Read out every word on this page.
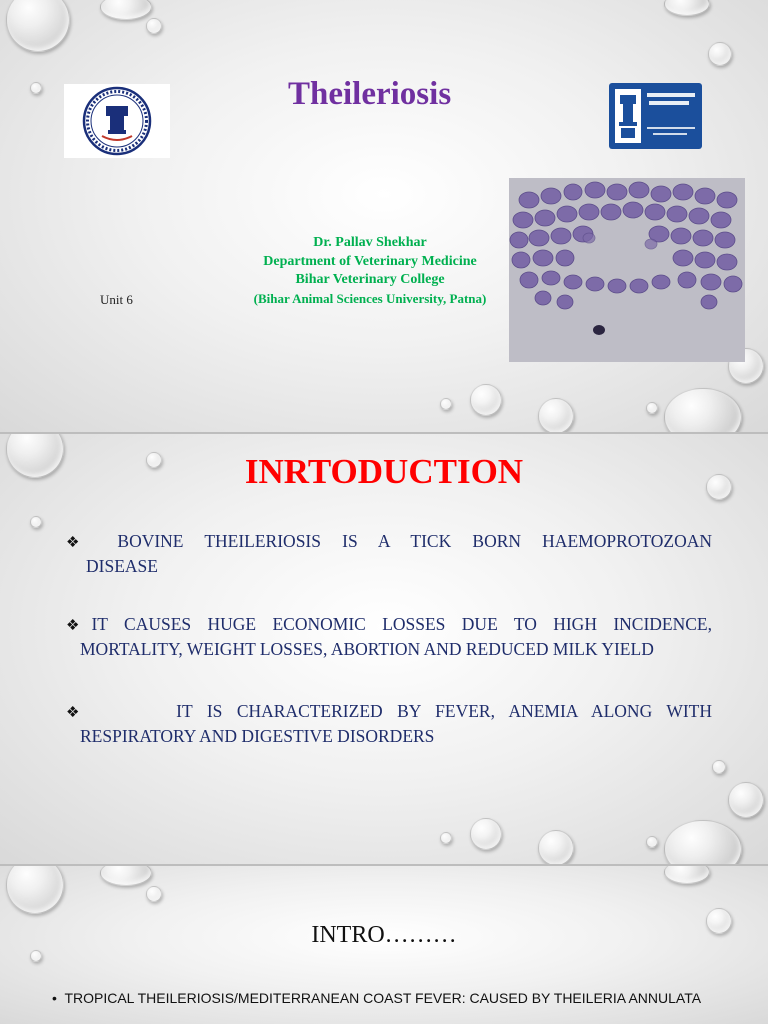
Theileriosis
Dr. Pallav Shekhar
Department of Veterinary Medicine
Bihar Veterinary College
(Bihar Animal Sciences University, Patna)
Unit 6
INRTODUCTION

❖ BOVINE THEILERIOSIS IS A TICK BORN HAEMOPROTOZOAN

DISEASE

❖IT CAUSES HUGE ECONOMIC LOSSES DUE TO HIGH INCIDENCE,

MORTALITY, WEIGHT LOSSES, ABORTION AND REDUCED MILK YIELD

❖	IT IS CHARACTERIZED BY FEVER, ANEMIA ALONG WITH

RESPIRATORY AND DIGESTIVE DISORDERS

INTRO………
•  TROPICAL THEILERIOSIS/MEDITERRANEAN COAST FEVER: CAUSED BY THEILERIA ANNULATA
